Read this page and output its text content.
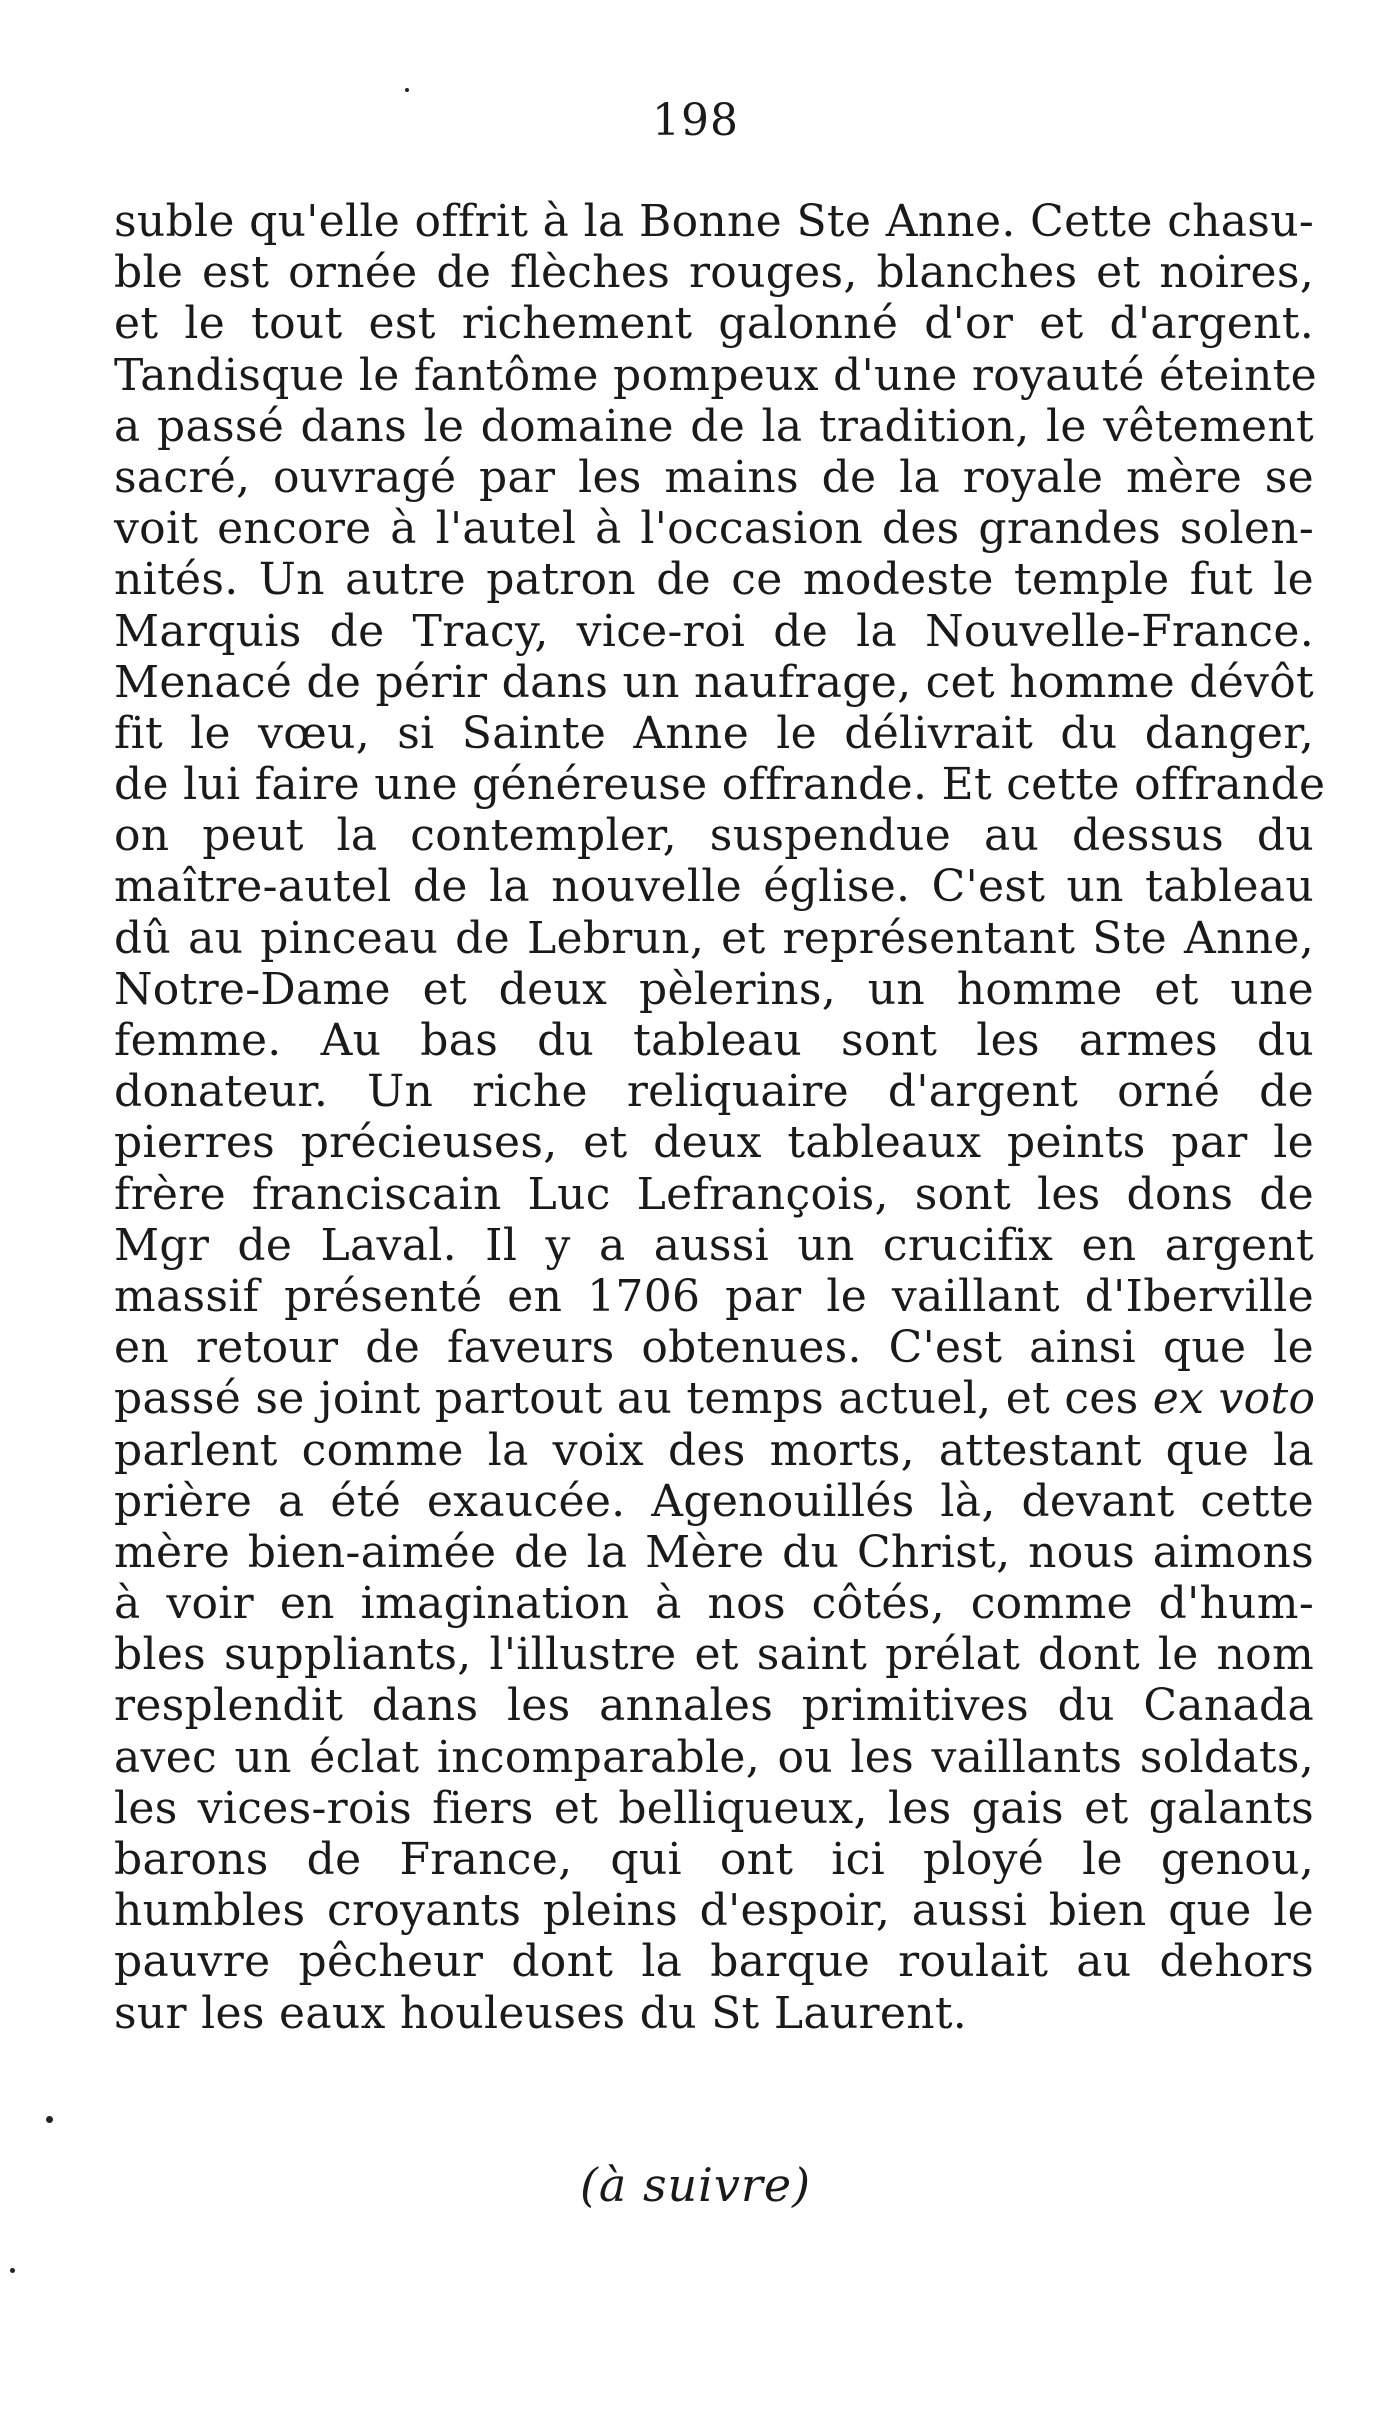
198
suble qu'elle offrit à la Bonne Ste Anne. Cette chasu-
ble est ornée de flèches rouges, blanches et noires,
et le tout est richement galonné d'or et d'argent.
Tandisque le fantôme pompeux d'une royauté éteinte
a passé dans le domaine de la tradition, le vêtement
sacré, ouvragé par les mains de la royale mère se
voit encore à l'autel à l'occasion des grandes solen-
nités. Un autre patron de ce modeste temple fut le
Marquis de Tracy, vice-roi de la Nouvelle-France.
Menacé de périr dans un naufrage, cet homme dévôt
fit le vœu, si Sainte Anne le délivrait du danger,
de lui faire une généreuse offrande. Et cette offrande
on peut la contempler, suspendue au dessus du
maître-autel de la nouvelle église. C'est un tableau
dû au pinceau de Lebrun, et représentant Ste Anne,
Notre-Dame et deux pèlerins, un homme et une
femme. Au bas du tableau sont les armes du
donateur. Un riche reliquaire d'argent orné de
pierres précieuses, et deux tableaux peints par le
frère franciscain Luc Lefrançois, sont les dons de
Mgr de Laval. Il y a aussi un crucifix en argent
massif présenté en 1706 par le vaillant d'Iberville
en retour de faveurs obtenues. C'est ainsi que le
passé se joint partout au temps actuel, et ces ex voto
parlent comme la voix des morts, attestant que la
prière a été exaucée. Agenouillés là, devant cette
mère bien-aimée de la Mère du Christ, nous aimons
à voir en imagination à nos côtés, comme d'hum-
bles suppliants, l'illustre et saint prélat dont le nom
resplendit dans les annales primitives du Canada
avec un éclat incomparable, ou les vaillants soldats,
les vices-rois fiers et belliqueux, les gais et galants
barons de France, qui ont ici ployé le genou,
humbles croyants pleins d'espoir, aussi bien que le
pauvre pêcheur dont la barque roulait au dehors
sur les eaux houleuses du St Laurent.
(à suivre)
